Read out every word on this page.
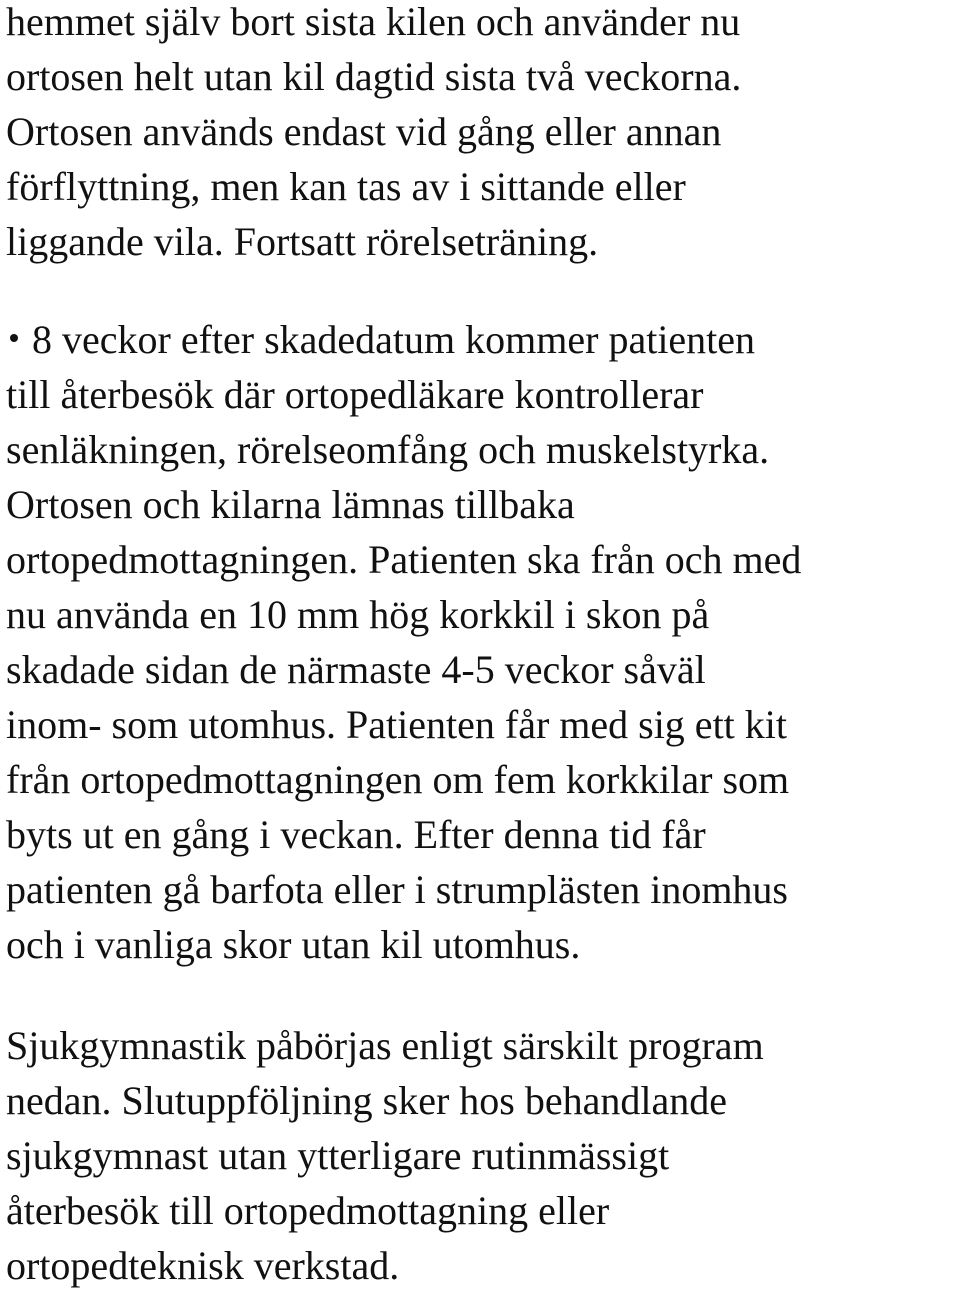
hemmet själv bort sista kilen och använder nu
ortosen helt utan kil dagtid sista två veckorna.
Ortosen används endast vid gång eller annan
förflyttning, men kan tas av i sittande eller
liggande vila. Fortsatt rörelseträning.
8 veckor efter skadedatum kommer patienten
till återbesök där ortopedläkare kontrollerar
senläkningen, rörelseomfång och muskelstyrka.
Ortosen och kilarna lämnas tillbaka
ortopedmottagningen. Patienten ska från och med
nu använda en 10 mm hög korkkil i skon på
skadade sidan de närmaste 4-5 veckor såväl
inom- som utomhus. Patienten får med sig ett kit
från ortopedmottagningen om fem korkkilar som
byts ut en gång i veckan. Efter denna tid får
patienten gå barfota eller i strumplästen inomhus
och i vanliga skor utan kil utomhus.
Sjukgymnastik påbörjas enligt särskilt program
nedan. Slutuppföljning sker hos behandlande
sjukgymnast utan ytterligare rutinmässigt
återbesök till ortopedmottagning eller
ortopedteknisk verkstad.
